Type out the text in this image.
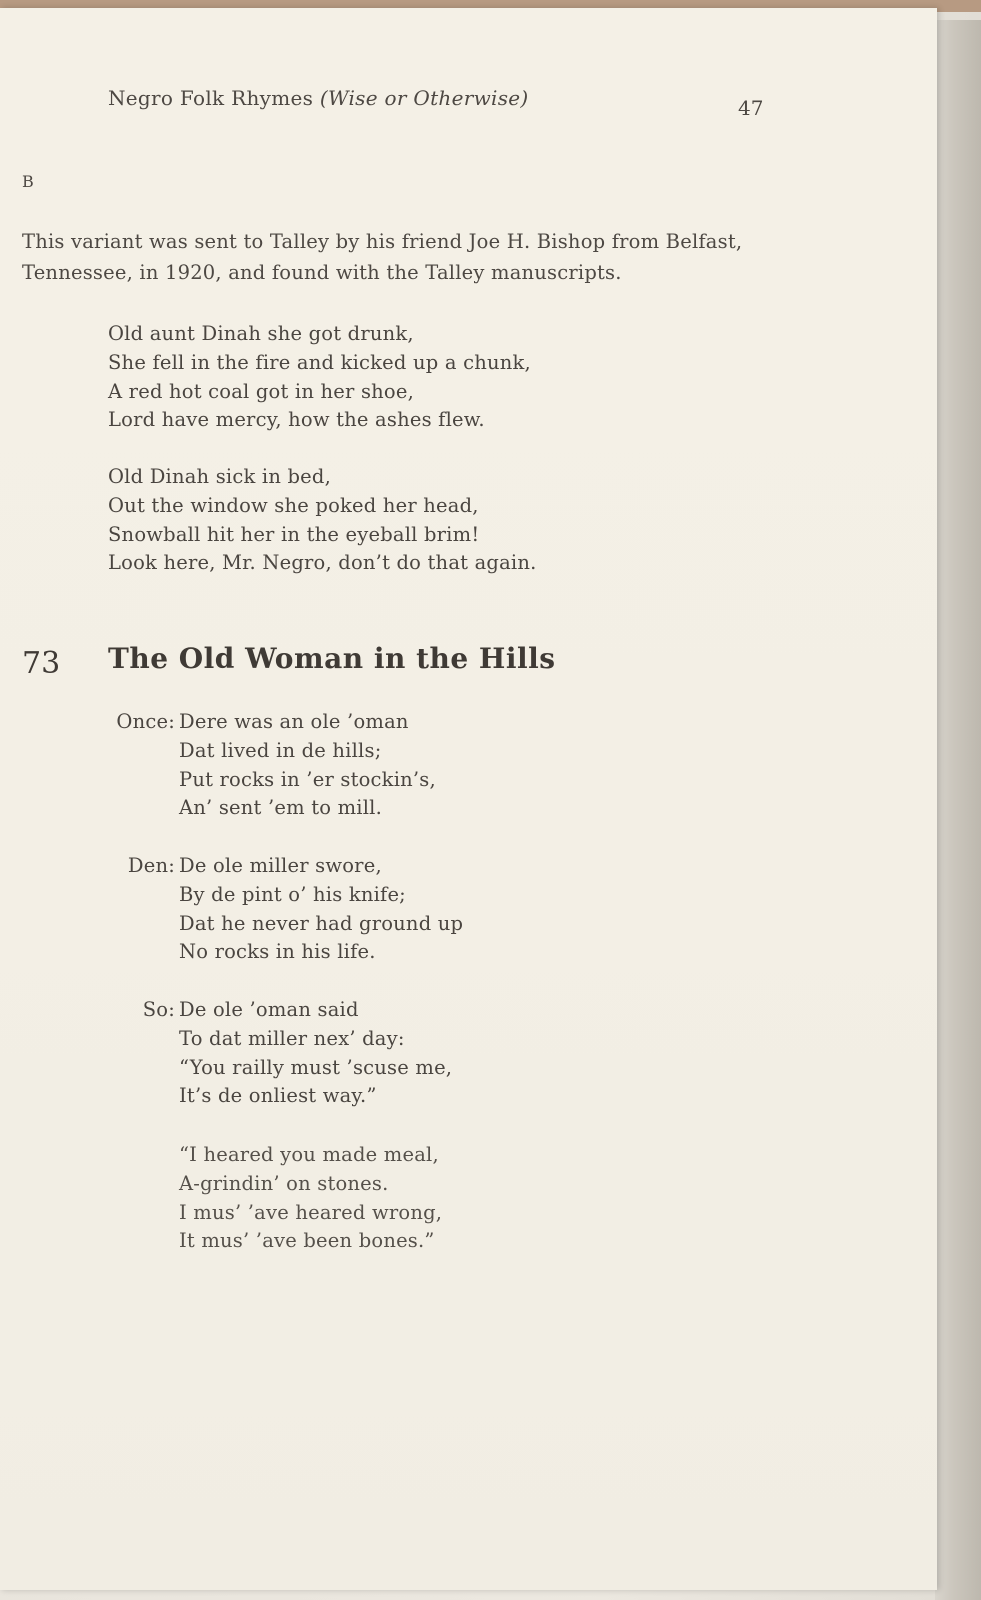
Negro Folk Rhymes (Wise or Otherwise)	47
B
This variant was sent to Talley by his friend Joe H. Bishop from Belfast,
Tennessee, in 1920, and found with the Talley manuscripts.
Old aunt Dinah she got drunk,
She fell in the fire and kicked up a chunk,
A red hot coal got in her shoe,
Lord have mercy, how the ashes flew.
Old Dinah sick in bed,
Out the window she poked her head,
Snowball hit her in the eyeball brim!
Look here, Mr. Negro, don’t do that again.
73 The Old Woman in the Hills
Once: Dere was an ole ’oman
Dat lived in de hills;
Put rocks in ’er stockin’s,
An’ sent ’em to mill.
Den: De ole miller swore,
By de pint o’ his knife;
Dat he never had ground up
No rocks in his life.
So: De ole ’oman said
To dat miller nex’ day:
“You railly must ’scuse me,
It’s de onliest way.”
“I heared you made meal,
A-grindin’ on stones.
I mus’ ’ave heared wrong,
It mus’ ’ave been bones.”
